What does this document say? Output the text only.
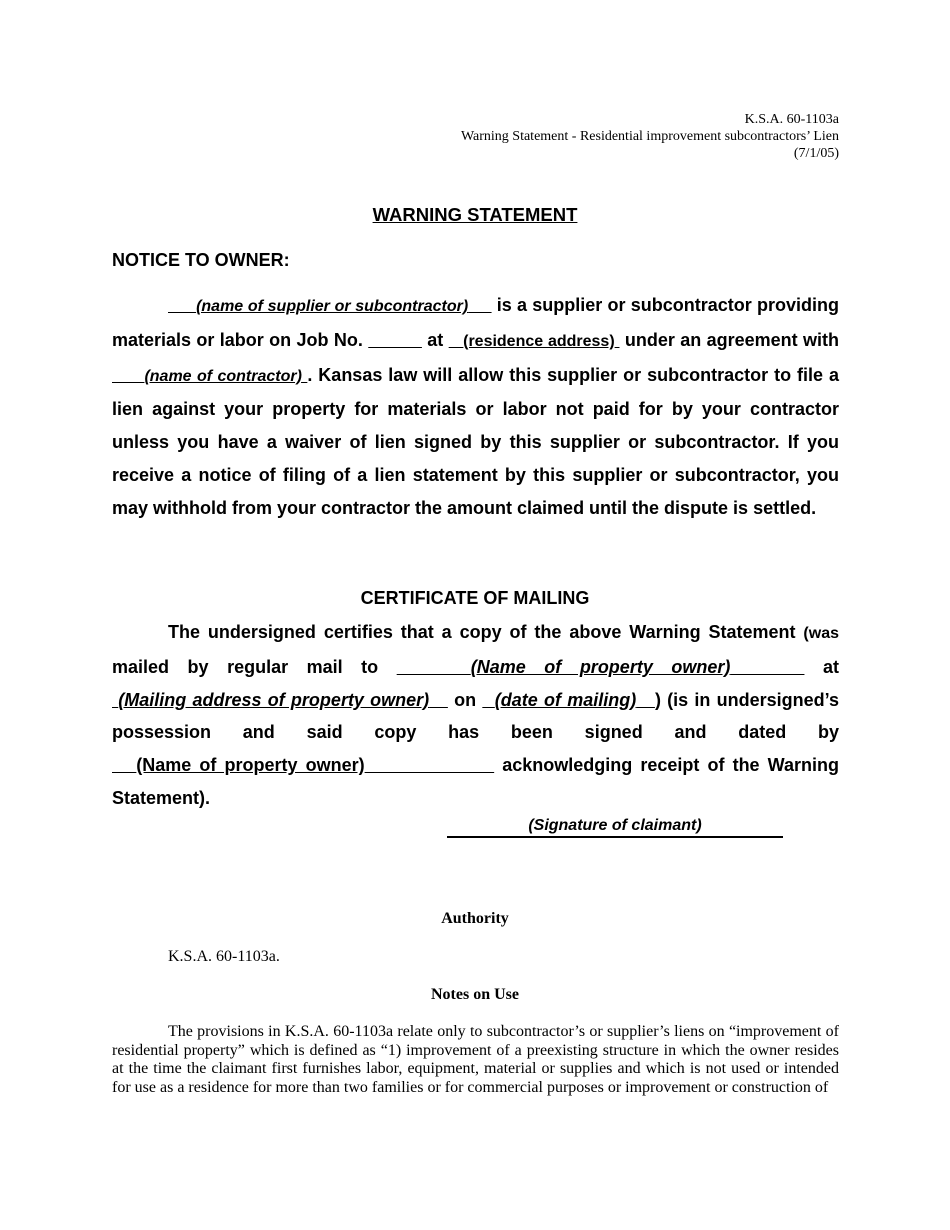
K.S.A. 60-1103a
Warning Statement - Residential improvement subcontractors’ Lien
(7/1/05)
WARNING STATEMENT
NOTICE TO OWNER:
(name of supplier or subcontractor)      is a supplier or subcontractor providing materials or labor on Job No.	at    (residence address)  under an agreement with       (name of contractor) . Kansas law will allow this supplier or subcontractor to file a lien against your property for materials or labor not paid for by your contractor unless you have a waiver of lien signed by this supplier or subcontractor. If you receive a notice of filing of a lien statement by this supplier or subcontractor, you may withhold from your contractor the amount claimed until the dispute is settled.
CERTIFICATE OF MAILING
The undersigned certifies that a copy of the above Warning Statement (was mailed by regular mail to	(Name of property owner)	at  (Mailing address of property owner)    on   (date of mailing) ) (is in undersigned’s possession and said copy has been signed and dated by    (Name of property owner)	acknowledging receipt of the Warning Statement).
(Signature of claimant)
Authority
K.S.A. 60-1103a.
Notes on Use
The provisions in K.S.A. 60-1103a relate only to subcontractor’s or supplier’s liens on “improvement of residential property” which is defined as “1) improvement of a preexisting structure in which the owner resides at the time the claimant first furnishes labor, equipment, material or supplies and which is not used or intended for use as a residence for more than two families or for commercial purposes or improvement or construction of
